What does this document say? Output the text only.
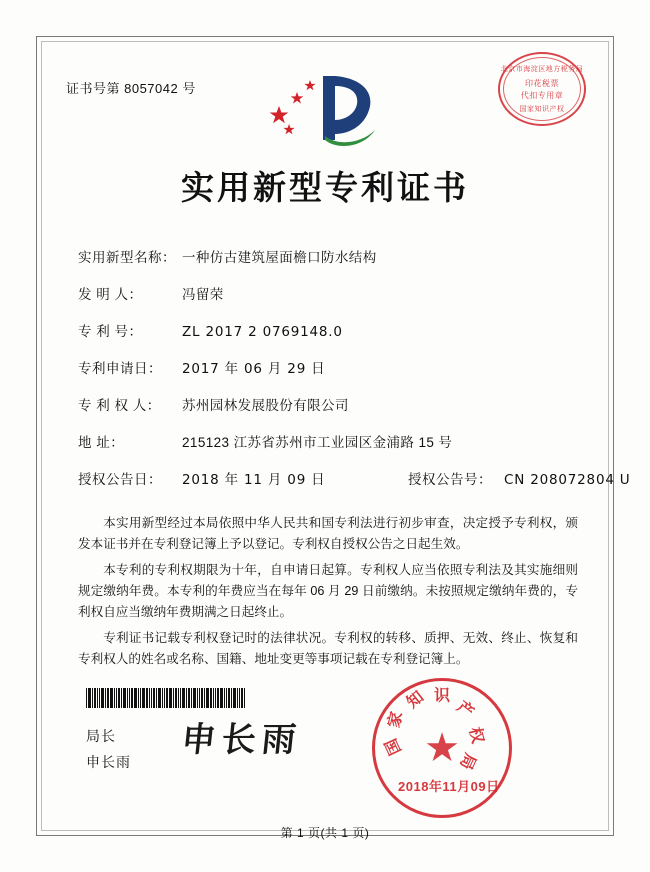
证书号第 8057042 号
北京市海淀区地方税务局
印花税票
代扣专用章
国家知识产权
实用新型专利证书
实用新型名称： 一种仿古建筑屋面檐口防水结构
发 明 人：	冯留荣
专 利 号：	ZL 2017 2 0769148.0
专利申请日： 2017 年 06 月 29 日
专 利 权 人： 苏州园林发展股份有限公司
地 址：	215123 江苏省苏州市工业园区金浦路 15 号
授权公告日： 2018 年 11 月 09 日	授权公告号： CN 208072804 U

本实用新型经过本局依照中华人民共和国专利法进行初步审查，决定授予专利权，颁发本证书并在专利登记簿上予以登记。专利权自授权公告之日起生效。

本专利的专利权期限为十年，自申请日起算。专利权人应当依照专利法及其实施细则规定缴纳年费。本专利的年费应当在每年 06 月 29 日前缴纳。未按照规定缴纳年费的，专利权自应当缴纳年费期满之日起终止。

专利证书记载专利权登记时的法律状况。专利权的转移、质押、无效、终止、恢复和专利权人的姓名或名称、国籍、地址变更等事项记载在专利登记簿上。

局长
申长雨
申长雨	★
国
家
知 识
产
权
局
2018年11月09日
第 1 页(共 1 页)
